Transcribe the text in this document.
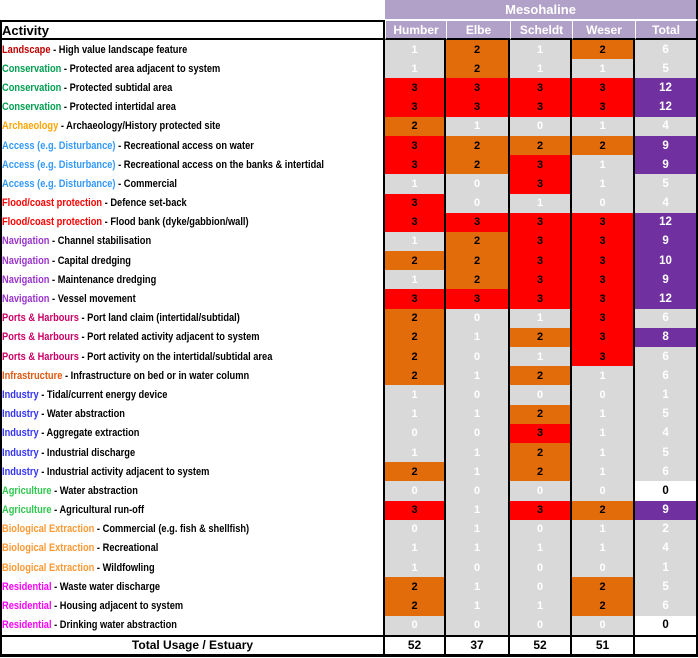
	Mesohaline				
Activity	Humber	Elbe	Scheldt	Weser	Total
Landscape - High value landscape feature	1	2	1	2	6
Conservation - Protected area adjacent to system	1	2	1	1	5
Conservation - Protected subtidal area	3	3	3	3	12
Conservation - Protected intertidal area	3	3	3	3	12
Archaeology - Archaeology/History protected site	2	1	0	1	4
Access (e.g. Disturbance) - Recreational access on water	3	2	2	2	9
Access (e.g. Disturbance) - Recreational access on the banks & intertidal	3	2	3	1	9
Access (e.g. Disturbance) - Commercial	1	0	3	1	5
Flood/coast protection - Defence set-back	3	0	1	0	4
Flood/coast protection - Flood bank (dyke/gabbion/wall)	3	3	3	3	12
Navigation - Channel stabilisation	1	2	3	3	9
Navigation - Capital dredging	2	2	3	3	10
Navigation - Maintenance dredging	1	2	3	3	9
Navigation - Vessel movement	3	3	3	3	12
Ports & Harbours - Port land claim (intertidal/subtidal)	2	0	1	3	6
Ports & Harbours - Port related activity adjacent to system	2	1	2	3	8
Ports & Harbours - Port activity on the intertidal/subtidal area	2	0	1	3	6
Infrastructure - Infrastructure on bed or in water column	2	1	2	1	6
Industry - Tidal/current energy device	1	0	0	0	1
Industry - Water abstraction	1	1	2	1	5
Industry - Aggregate extraction	0	0	3	1	4
Industry - Industrial discharge	1	1	2	1	5
Industry - Industrial activity adjacent to system	2	1	2	1	6
Agriculture - Water abstraction	0	0	0	0	0
Agriculture - Agricultural run-off	3	1	3	2	9
Biological Extraction - Commercial (e.g. fish & shellfish)	0	1	0	1	2
Biological Extraction - Recreational	1	1	1	1	4
Biological Extraction - Wildfowling	1	0	0	0	1
Residential - Waste water discharge	2	1	0	2	5
Residential - Housing adjacent to system	2	1	1	2	6
Residential - Drinking water abstraction	0	0	0	0	0
Total Usage / Estuary	52	37	52	51	
